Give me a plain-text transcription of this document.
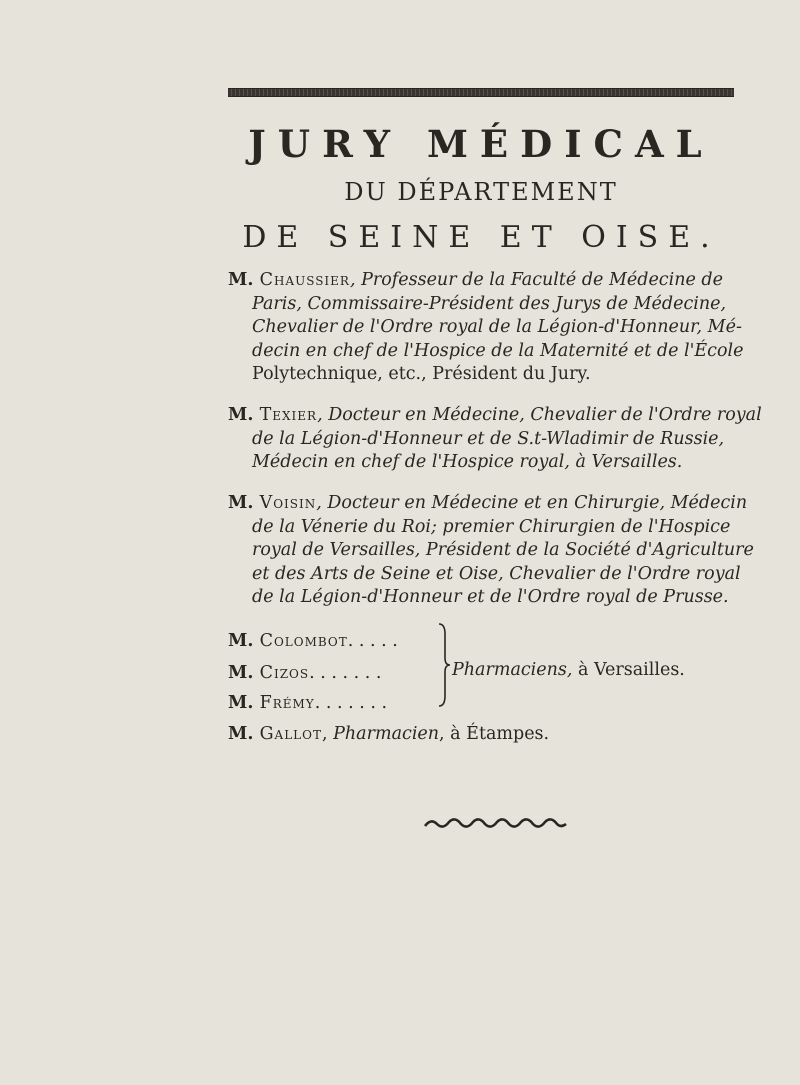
JURY MÉDICAL
DU DÉPARTEMENT
DE SEINE ET OISE.
M. Chaussier, Professeur de la Faculté de Médecine de
Paris, Commissaire-Président des Jurys de Médecine,
Chevalier de l'Ordre royal de la Légion-d'Honneur, Mé-
decin en chef de l'Hospice de la Maternité et de l'École
Polytechnique, etc., Président du Jury.
M. Texier, Docteur en Médecine, Chevalier de l'Ordre royal
de la Légion-d'Honneur et de S.t-Wladimir de Russie,
Médecin en chef de l'Hospice royal, à Versailles.
M. Voisin, Docteur en Médecine et en Chirurgie, Médecin
de la Vénerie du Roi; premier Chirurgien de l'Hospice
royal de Versailles, Président de la Société d'Agriculture
et des Arts de Seine et Oise, Chevalier de l'Ordre royal
de la Légion-d'Honneur et de l'Ordre royal de Prusse.
M. Colombot. . . . .
M. Cizos. . . . . . .
M. Frémy. . . . . . .
Pharmaciens, à Versailles.
M. Gallot, Pharmacien, à Étampes.
